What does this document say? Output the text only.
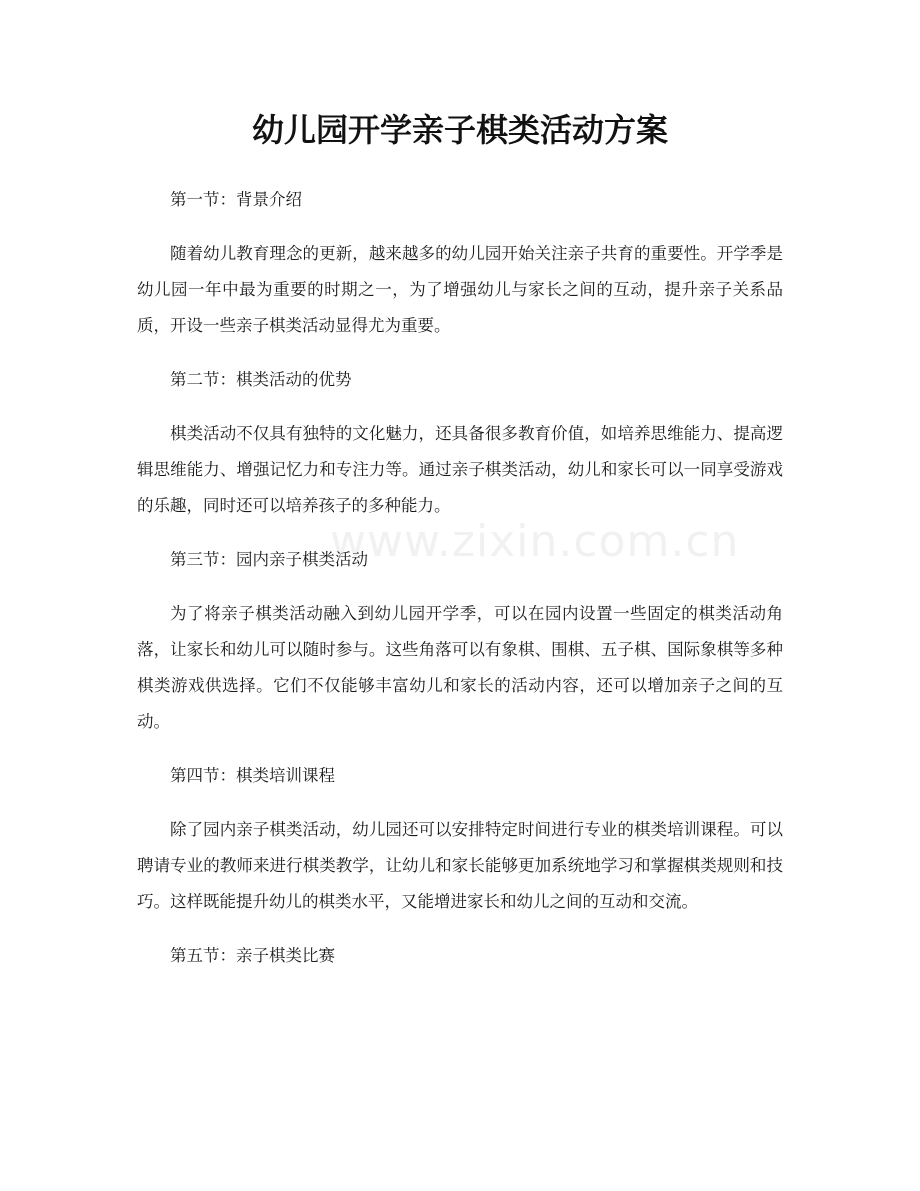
幼儿园开学亲子棋类活动方案
www.zixin.com.cn

第一节：背景介绍

随着幼儿教育理念的更新，越来越多的幼儿园开始关注亲子共育的重要性。开学季是幼儿园一年中最为重要的时期之一，为了增强幼儿与家长之间的互动，提升亲子关系品质，开设一些亲子棋类活动显得尤为重要。

第二节：棋类活动的优势

棋类活动不仅具有独特的文化魅力，还具备很多教育价值，如培养思维能力、提高逻辑思维能力、增强记忆力和专注力等。通过亲子棋类活动，幼儿和家长可以一同享受游戏的乐趣，同时还可以培养孩子的多种能力。

第三节：园内亲子棋类活动

为了将亲子棋类活动融入到幼儿园开学季，可以在园内设置一些固定的棋类活动角落，让家长和幼儿可以随时参与。这些角落可以有象棋、围棋、五子棋、国际象棋等多种棋类游戏供选择。它们不仅能够丰富幼儿和家长的活动内容，还可以增加亲子之间的互动。

第四节：棋类培训课程

除了园内亲子棋类活动，幼儿园还可以安排特定时间进行专业的棋类培训课程。可以聘请专业的教师来进行棋类教学，让幼儿和家长能够更加系统地学习和掌握棋类规则和技巧。这样既能提升幼儿的棋类水平，又能增进家长和幼儿之间的互动和交流。

第五节：亲子棋类比赛
